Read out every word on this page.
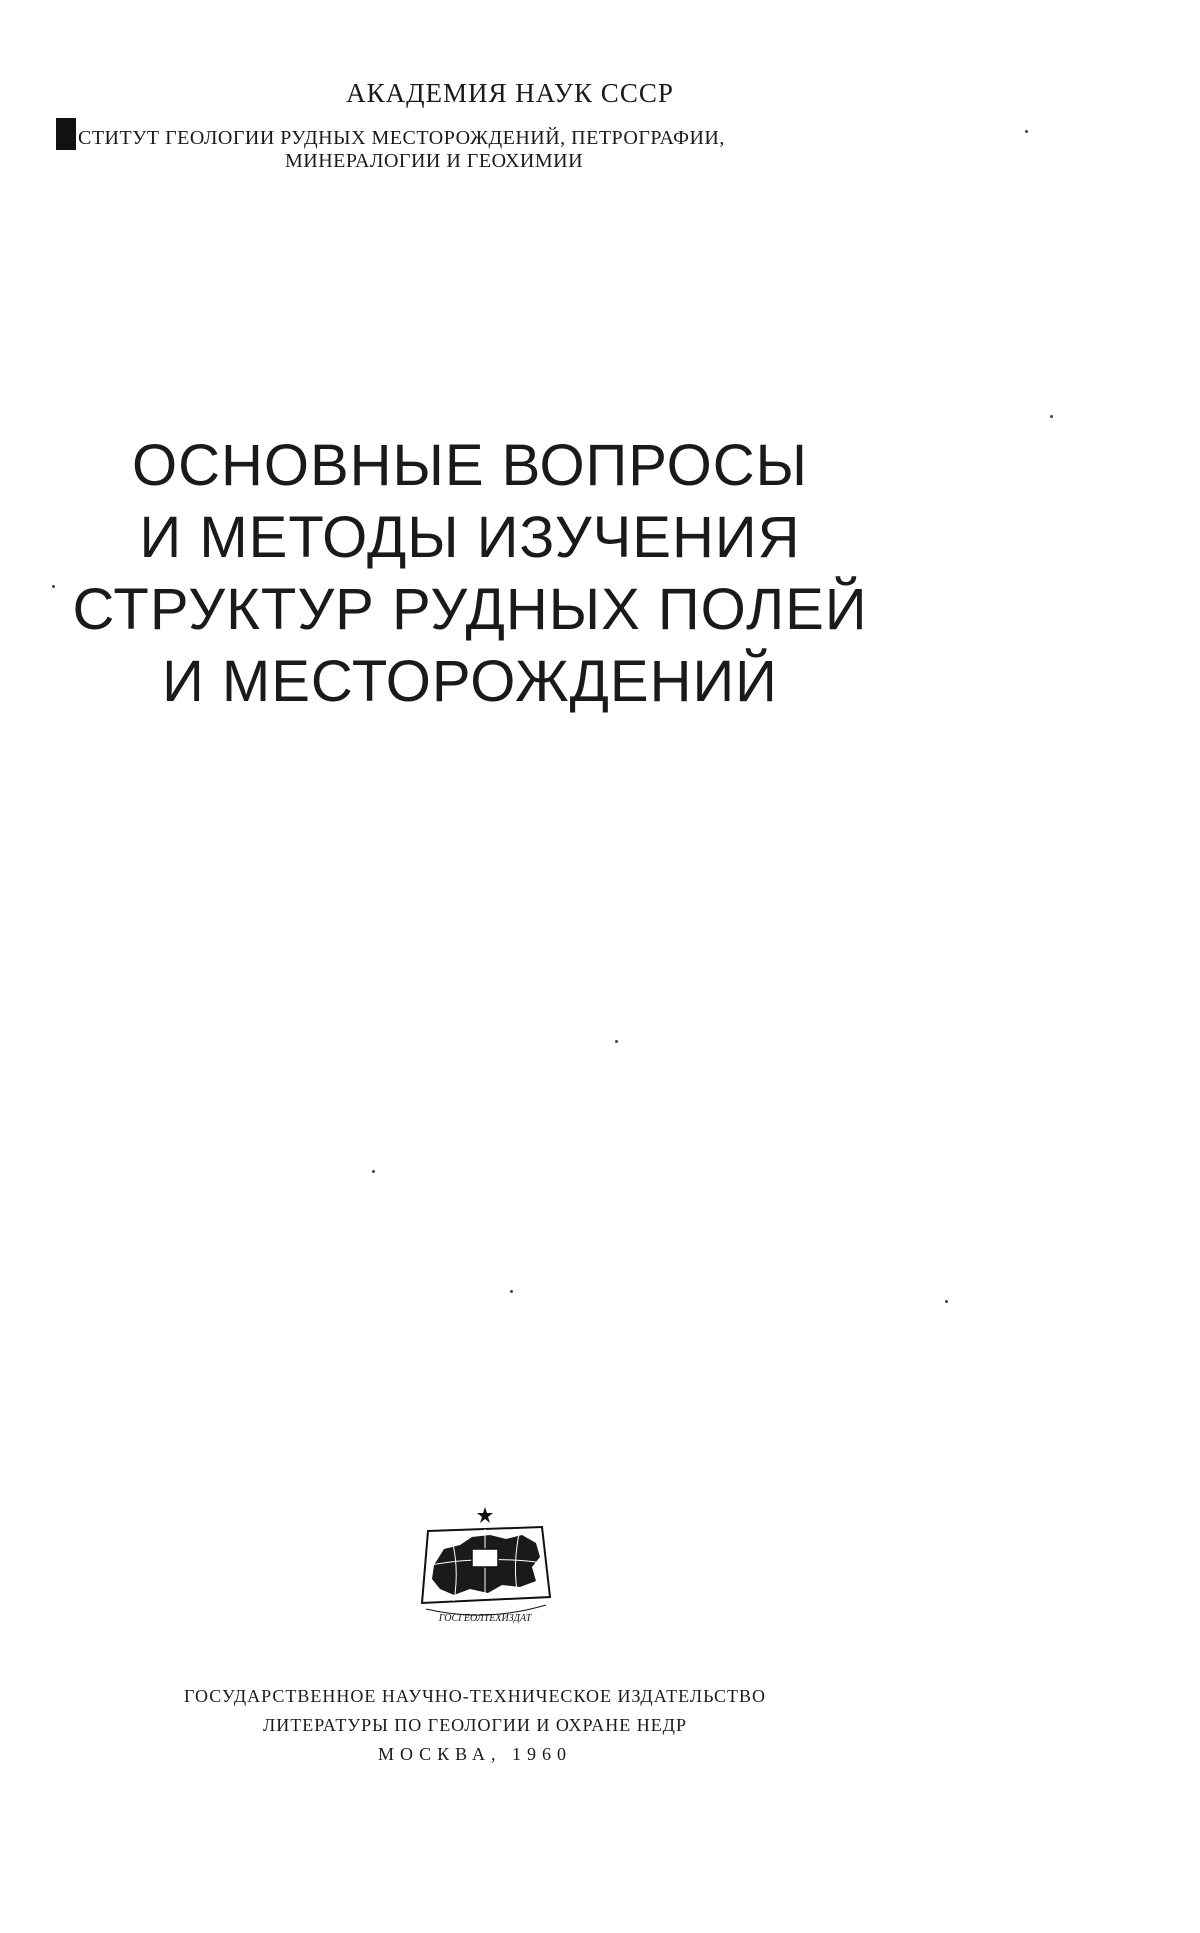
АКАДЕМИЯ НАУК СССР
СТИТУТ ГЕОЛОГИИ РУДНЫХ МЕСТОРОЖДЕНИЙ, ПЕТРОГРАФИИ,
МИНЕРАЛОГИИ И ГЕОХИМИИ
ОСНОВНЫЕ ВОПРОСЫ
И МЕТОДЫ ИЗУЧЕНИЯ
СТРУКТУР РУДНЫХ ПОЛЕЙ
И МЕСТОРОЖДЕНИЙ
ГОСГЕОЛТЕХИЗДАТ
ГОСУДАРСТВЕННОЕ НАУЧНО-ТЕХНИЧЕСКОЕ ИЗДАТЕЛЬСТВО
ЛИТЕРАТУРЫ ПО ГЕОЛОГИИ И ОХРАНЕ НЕДР
МОСКВА, 1960
